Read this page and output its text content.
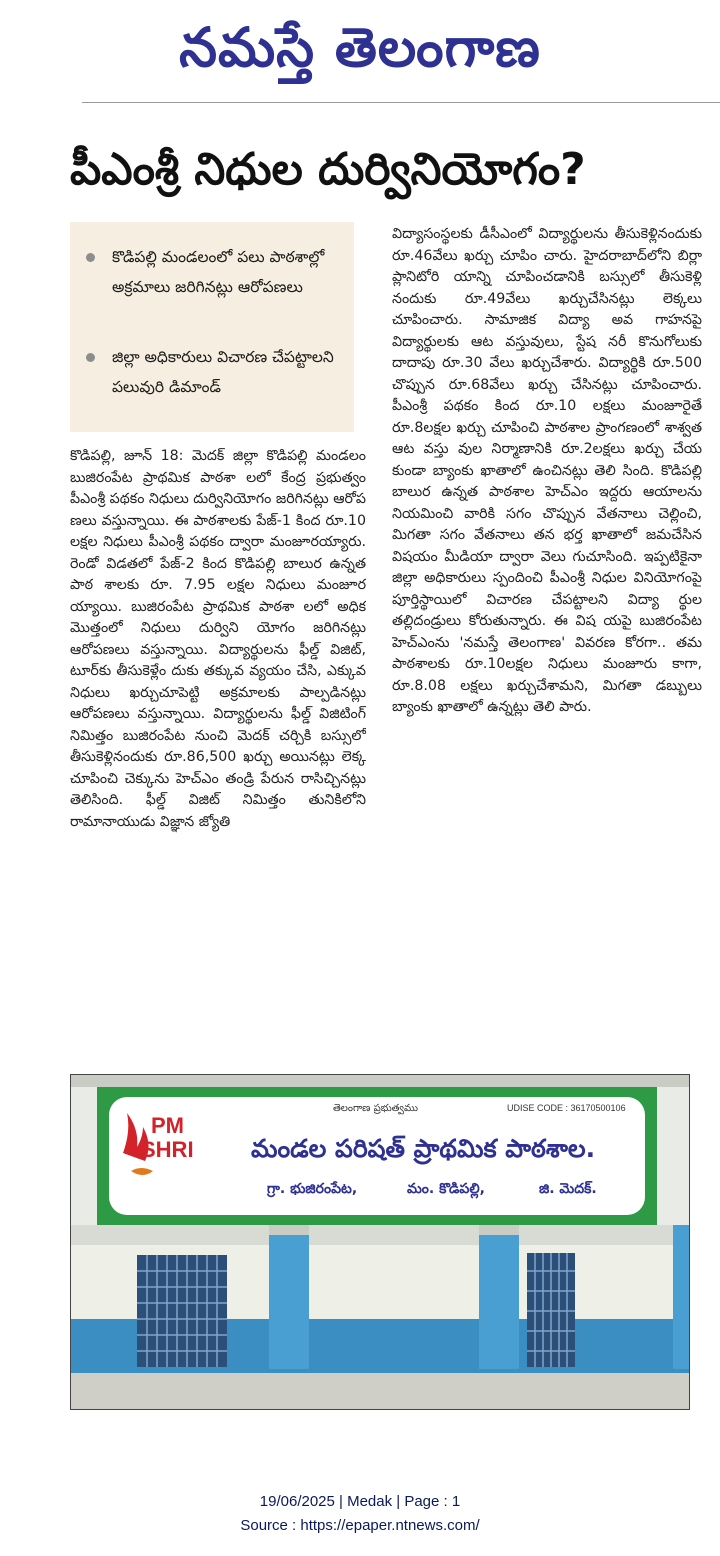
నమస్తే తెలంగాణ
పీఎంశ్రీ నిధుల దుర్వినియోగం?
కొడిపల్లి మండలంలో పలు పాఠశాల్లో అక్రమాలు జరిగినట్లు ఆరోపణలు
జిల్లా అధికారులు విచారణ చేపట్టాలని పలువురి డిమాండ్

కొడిపల్లి, జూన్ 18: మెదక్ జిల్లా కొడిపల్లి మండలం బుజిరంపేట ప్రాథమిక పాఠశా లలో కేంద్ర ప్రభుత్వం పీఎంశ్రీ పథకం నిధులు దుర్వినియోగం జరిగినట్లు ఆరోప ణలు వస్తున్నాయి. ఈ పాఠశాలకు పేజ్-1 కింద రూ.10 లక్షల నిధులు పీఎంశ్రీ పథకం ద్వారా మంజూరయ్యారు. రెండో విడతలో పేజ్-2 కింద కొడిపల్లి బాలుర ఉన్నత పాఠ శాలకు రూ. 7.95 లక్షల నిధులు మంజూర య్యాయి. బుజిరంపేట ప్రాథమిక పాఠశా లలో అధిక మొత్తంలో నిధులు దుర్విని యోగం జరిగినట్లు ఆరోపణలు వస్తున్నాయి. విద్యార్థులను ఫీల్డ్ విజిట్, టూర్‌కు తీసుకెళ్లేం దుకు తక్కువ వ్యయం చేసి, ఎక్కువ నిధులు ఖర్చుచూపెట్టి అక్రమాలకు పాల్పడినట్లు ఆరోపణలు వస్తున్నాయి. విద్యార్థులను ఫీల్డ్ విజిటింగ్ నిమిత్తం బుజిరంపేట నుంచి మెదక్ చర్చికి బస్సులో తీసుకెళ్లినందుకు రూ.86,500 ఖర్చు అయినట్లు లెక్క చూపించి చెక్కును హెచ్‌ఎం తండ్రి పేరున రాసిచ్చినట్లు తెలిసింది. ఫీల్డ్ విజిట్ నిమిత్తం తునికిలోని రామానాయుడు విజ్ఞాన జ్యోతి

విద్యాసంస్థలకు డీసీఎంలో విద్యార్థులను తీసుకెళ్లినందుకు రూ.46వేలు ఖర్చు చూపిం చారు. హైదరాబాద్‌లోని బిర్లా ప్లానిటోరి యాన్ని చూపించడానికి బస్సులో తీసుకెళ్లి నందుకు రూ.49వేలు ఖర్చుచేసినట్లు లెక్కలు చూపించారు. సామాజిక విద్యా అవ గాహనపై విద్యార్థులకు ఆట వస్తువులు, స్టేష నరీ కొనుగోలుకు దాదాపు రూ.30 వేలు ఖర్చుచేశారు. విద్యార్థికి రూ.500 చొప్పున రూ.68వేలు ఖర్చు చేసినట్లు చూపించారు. పీఎంశ్రీ పథకం కింద రూ.10 లక్షలు మంజూరైతే రూ.8లక్షల ఖర్చు చూపించి పాఠశాల ప్రాంగణంలో శాశ్వత ఆట వస్తు వుల నిర్మాణానికి రూ.2లక్షలు ఖర్చు చేయ కుండా బ్యాంకు ఖాతాలో ఉంచినట్లు తెలి సింది. కొడిపల్లి బాలుర ఉన్నత పాఠశాల హెచ్‌ఎం ఇద్దరు ఆయాలను నియమించి వారికి సగం చొప్పున వేతనాలు చెల్లించి, మిగతా సగం వేతనాలు తన భర్త ఖాతాలో జమచేసిన విషయం మీడియా ద్వారా వెలు గుచూసింది. ఇప్పటికైనా జిల్లా అధికారులు స్పందించి పీఎంశ్రీ నిధుల వినియోగంపై పూర్తిస్థాయిలో విచారణ చేపట్టాలని విద్యా ర్థుల తల్లిదండ్రులు కోరుతున్నారు. ఈ విష యపై బుజిరంపేట హెచ్‌ఎంను 'నమస్తే తెలంగాణ' వివరణ కోరగా.. తమ పాఠశాలకు రూ.10లక్షల నిధులు మంజూరు కాగా, రూ.8.08 లక్షలు ఖర్చుచేశామని, మిగతా డబ్బులు బ్యాంకు ఖాతాలో ఉన్నట్లు తెలి పారు.

PM
SHRI
తెలంగాణ ప్రభుత్వము	UDISE CODE : 36170500106
మండల పరిషత్ ప్రాథమిక పాఠశాల.
గ్రా. భుజిరంపేట,	మం. కొడిపల్లి,	జి. మెదక్.
19/06/2025 | Medak | Page : 1
Source : https://epaper.ntnews.com/
